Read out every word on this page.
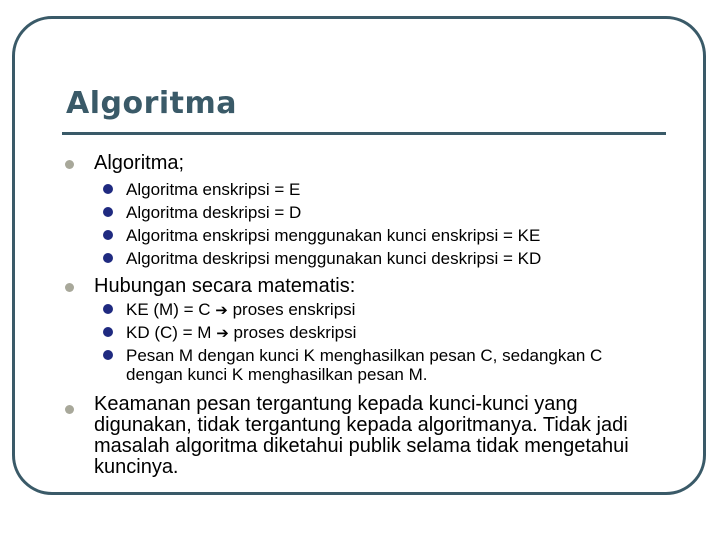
Algoritma
Algoritma;
Algoritma enskripsi = E
Algoritma deskripsi = D
Algoritma enskripsi menggunakan kunci enskripsi = KE
Algoritma deskripsi menggunakan kunci deskripsi = KD
Hubungan secara matematis:
KE (M) = C ➔ proses enskripsi
KD (C) = M ➔ proses deskripsi
Pesan M dengan kunci K menghasilkan pesan C, sedangkan C dengan kunci K menghasilkan pesan M.
Keamanan pesan tergantung kepada kunci-kunci yang digunakan, tidak tergantung kepada algoritmanya. Tidak jadi masalah algoritma diketahui publik selama tidak mengetahui kuncinya.
